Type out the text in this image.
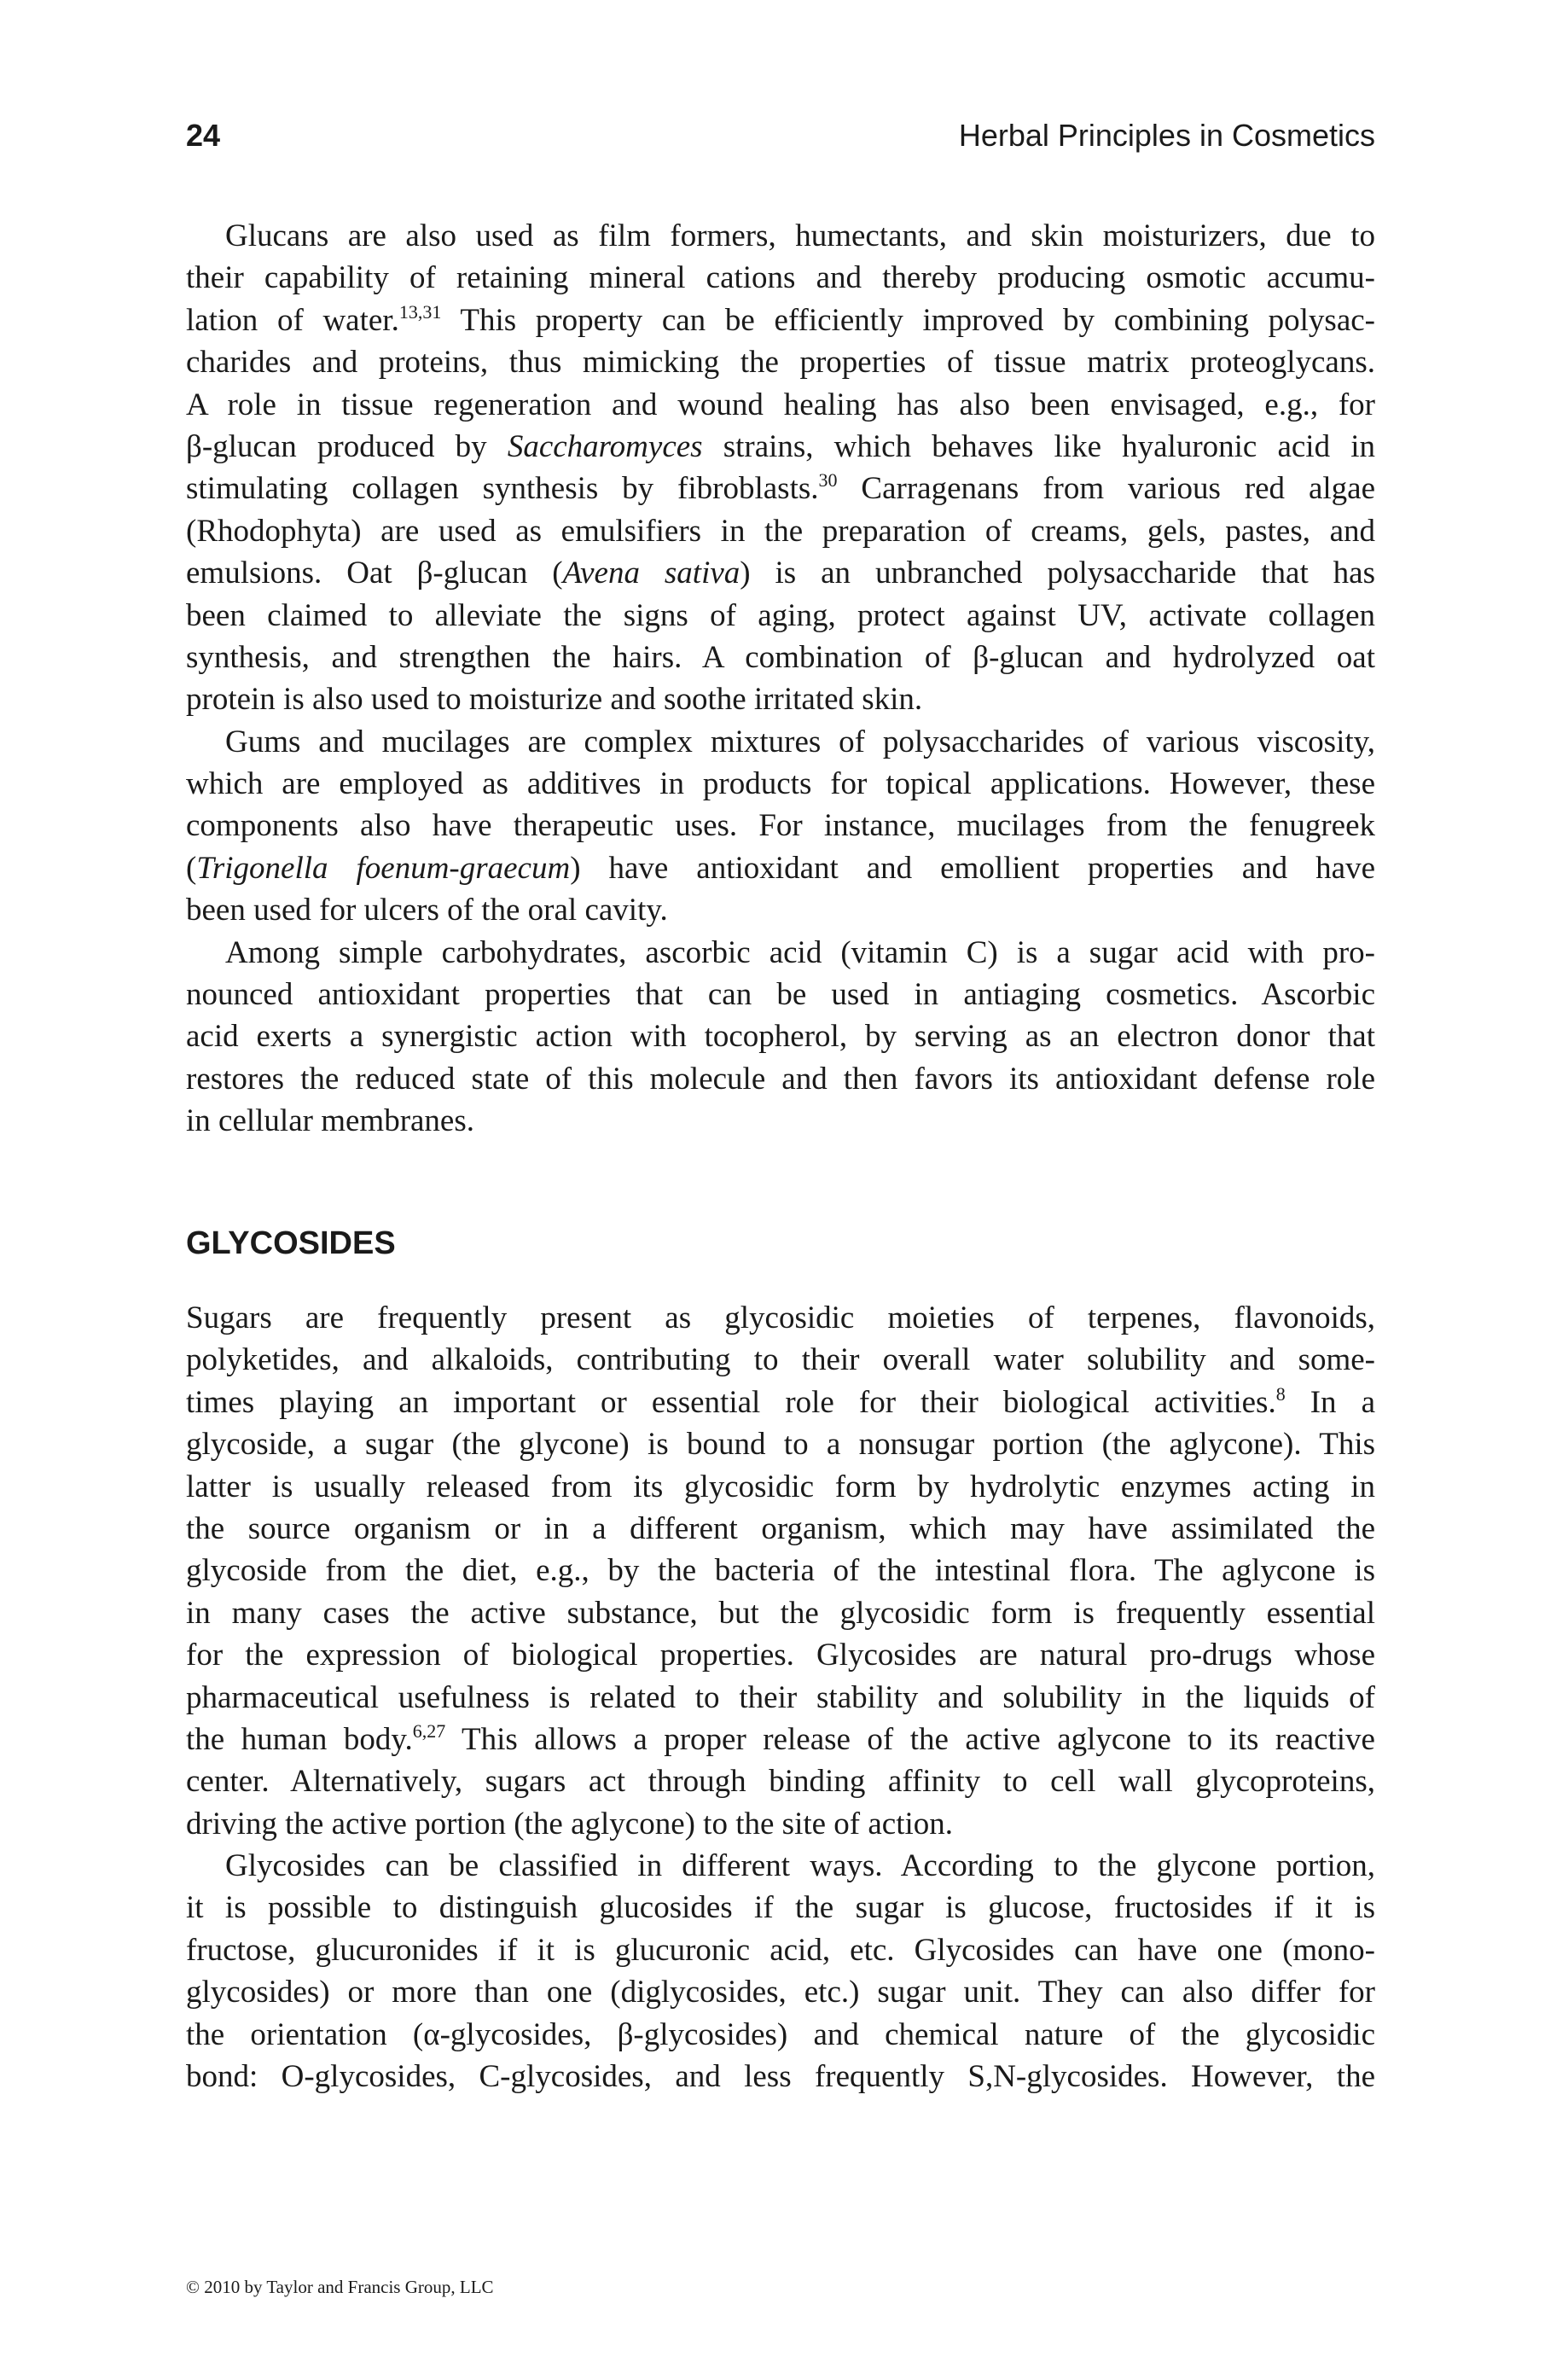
24	Herbal Principles in Cosmetics
Glucans are also used as film formers, humectants, and skin moisturizers, due to
their capability of retaining mineral cations and thereby producing osmotic accumu-
lation of water.$^{13,31}$ This property can be efficiently improved by combining polysac-
charides and proteins, thus mimicking the properties of tissue matrix proteoglycans.
A role in tissue regeneration and wound healing has also been envisaged, e.g., for
β-glucan produced by Saccharomyces strains, which behaves like hyaluronic acid in
stimulating collagen synthesis by fibroblasts.$^{30}$ Carragenans from various red algae
(Rhodophyta) are used as emulsifiers in the preparation of creams, gels, pastes, and
emulsions. Oat β-glucan (Avena sativa) is an unbranched polysaccharide that has
been claimed to alleviate the signs of aging, protect against UV, activate collagen
synthesis, and strengthen the hairs. A combination of β-glucan and hydrolyzed oat
protein is also used to moisturize and soothe irritated skin.
Gums and mucilages are complex mixtures of polysaccharides of various viscosity,
which are employed as additives in products for topical applications. However, these
components also have therapeutic uses. For instance, mucilages from the fenugreek
(Trigonella foenum-graecum) have antioxidant and emollient properties and have
been used for ulcers of the oral cavity.
Among simple carbohydrates, ascorbic acid (vitamin C) is a sugar acid with pro-
nounced antioxidant properties that can be used in antiaging cosmetics. Ascorbic
acid exerts a synergistic action with tocopherol, by serving as an electron donor that
restores the reduced state of this molecule and then favors its antioxidant defense role
in cellular membranes.
GLYCOSIDES
Sugars are frequently present as glycosidic moieties of terpenes, flavonoids,
polyketides, and alkaloids, contributing to their overall water solubility and some-
times playing an important or essential role for their biological activities.$^8$ In a
glycoside, a sugar (the glycone) is bound to a nonsugar portion (the aglycone). This
latter is usually released from its glycosidic form by hydrolytic enzymes acting in
the source organism or in a different organism, which may have assimilated the
glycoside from the diet, e.g., by the bacteria of the intestinal flora. The aglycone is
in many cases the active substance, but the glycosidic form is frequently essential
for the expression of biological properties. Glycosides are natural pro-drugs whose
pharmaceutical usefulness is related to their stability and solubility in the liquids of
the human body.$^{6,27}$ This allows a proper release of the active aglycone to its reactive
center. Alternatively, sugars act through binding affinity to cell wall glycoproteins,
driving the active portion (the aglycone) to the site of action.
Glycosides can be classified in different ways. According to the glycone portion,
it is possible to distinguish glucosides if the sugar is glucose, fructosides if it is
fructose, glucuronides if it is glucuronic acid, etc. Glycosides can have one (mono-
glycosides) or more than one (diglycosides, etc.) sugar unit. They can also differ for
the orientation (α-glycosides, β-glycosides) and chemical nature of the glycosidic
bond: O-glycosides, C-glycosides, and less frequently S,N-glycosides. However, the
© 2010 by Taylor and Francis Group, LLC
